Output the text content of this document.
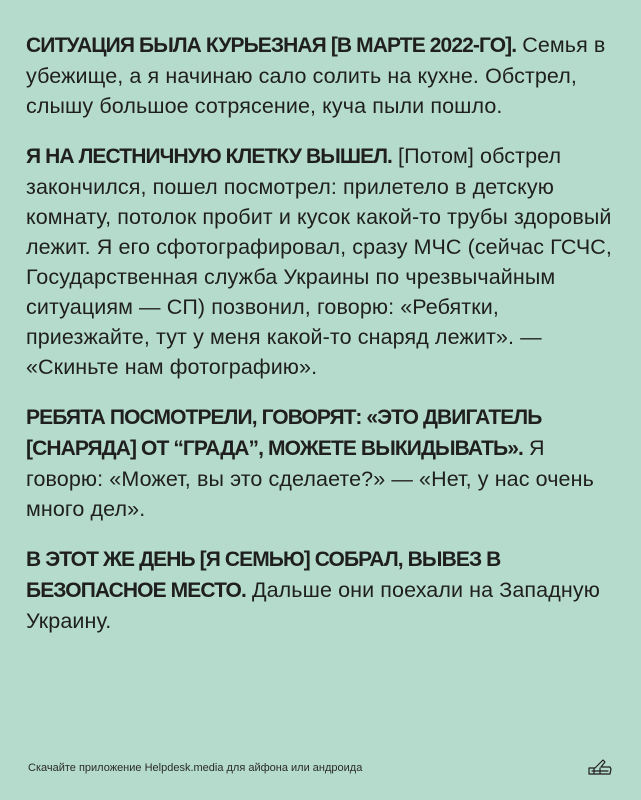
СИТУАЦИЯ БЫЛА КУРЬЕЗНАЯ [В МАРТЕ 2022-ГО]. Семья в убежище, а я начинаю сало солить на кухне. Обстрел, слышу большое сотрясение, куча пыли пошло.

Я НА ЛЕСТНИЧНУЮ КЛЕТКУ ВЫШЕЛ. [Потом] обстрел закончился, пошел посмотрел: прилетело в детскую комнату, потолок пробит и кусок какой-то трубы здоровый лежит. Я его сфотографировал, сразу МЧС (сейчас ГСЧС, Государственная служба Украины по чрезвычайным ситуациям — СП) позвонил, говорю: «Ребятки, приезжайте, тут у меня какой-то снаряд лежит». — «Скиньте нам фотографию».

РЕБЯТА ПОСМОТРЕЛИ, ГОВОРЯТ: «ЭТО ДВИГАТЕЛЬ [СНАРЯДА] ОТ “ГРАДА”, МОЖЕТЕ ВЫКИДЫВАТЬ». Я говорю: «Может, вы это сделаете?» — «Нет, у нас очень много дел».

В ЭТОТ ЖЕ ДЕНЬ [Я СЕМЬЮ] СОБРАЛ, ВЫВЕЗ В БЕЗОПАСНОЕ МЕСТО. Дальше они поехали на Западную Украину.

Скачайте приложение Helpdesk.media для айфона или андроида
